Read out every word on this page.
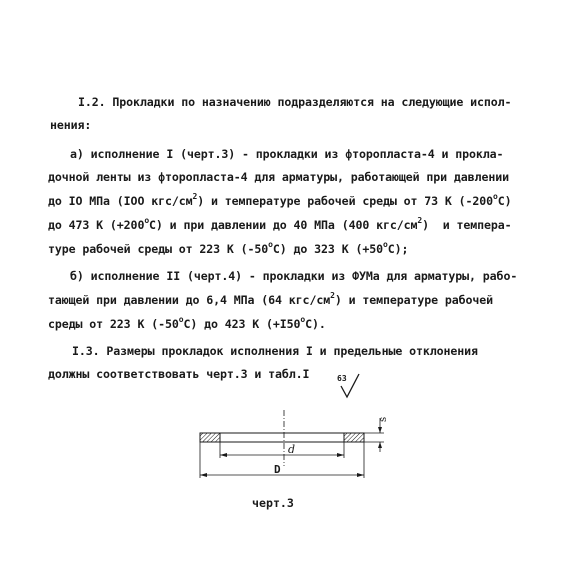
I.2. Прокладки по назначению подразделяются на следующие испол-
нения:
а) исполнение I (черт.3) - прокладки из фторопласта-4 и прокла-
дочной ленты из фторопласта-4 для арматуры, работающей при давлении
до IO МПа (IOO кгс/$см^2$) и температуре рабочей среды от 73 К $(-200^оС)$
до 473 К $(+200^оС)$ и при давлении до 40 МПа (400 кгс/$см^2$)  и темпера-
туре рабочей среды от 223 К $(-50^оС)$ до 323 К $(+50^оС)$;
б) исполнение II (черт.4) - прокладки из ФУМа для арматуры, рабо-
тающей при давлении до 6,4 МПа (64 кгс/$см^2$) и температуре рабочей
среды от 223 К $(-50^оС)$ до 423 К $(+I50^оС)$.
I.3. Размеры прокладок исполнения I и предельные отклонения
должны соответствовать черт.3 и табл.I	63
d
D
s
черт.3
